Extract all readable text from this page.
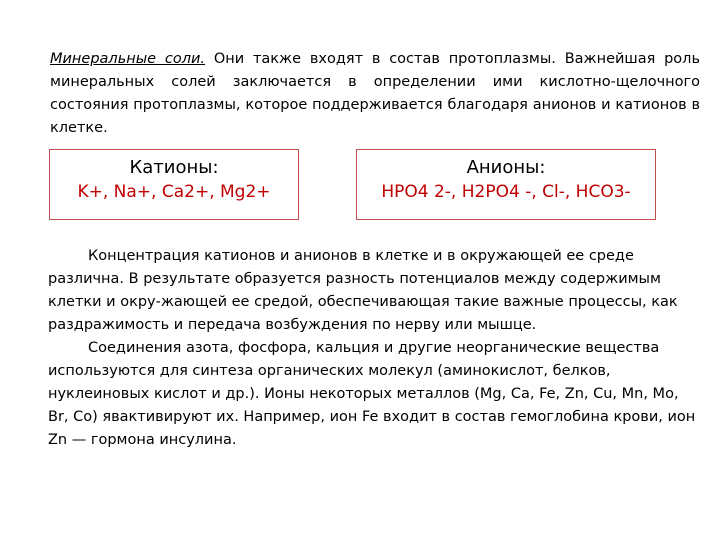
Минеральные соли. Они также входят в состав протоплазмы. Важнейшая роль минеральных солей заключается в определении ими кислотно-щелочного состояния протоплазмы, которое поддерживается благодаря анионов и катионов в клетке.
Катионы:
K+, Na+, Ca2+, Mg2+
Анионы:
HPO4 2-, H2PO4 -, Cl-, HCO3-

Концентрация катионов и анионов в клетке и в окружающей ее среде различна. В результате образуется разность потенциалов между содержимым клетки и окру-жающей ее средой, обеспечивающая такие важные процессы, как раздражимость и передача возбуждения по нерву или мышце.

Соединения азота, фосфора, кальция и другие неорганические вещества используются для синтеза органических молекул (аминокислот, белков, нуклеиновых кислот и др.). Ионы некоторых металлов (Mg, Ca, Fe, Zn, Cu, Mn, Mo, Br, Co) явактивируют их. Например, ион Fe входит в состав гемоглобина крови, ион Zn — гормона инсулина.
